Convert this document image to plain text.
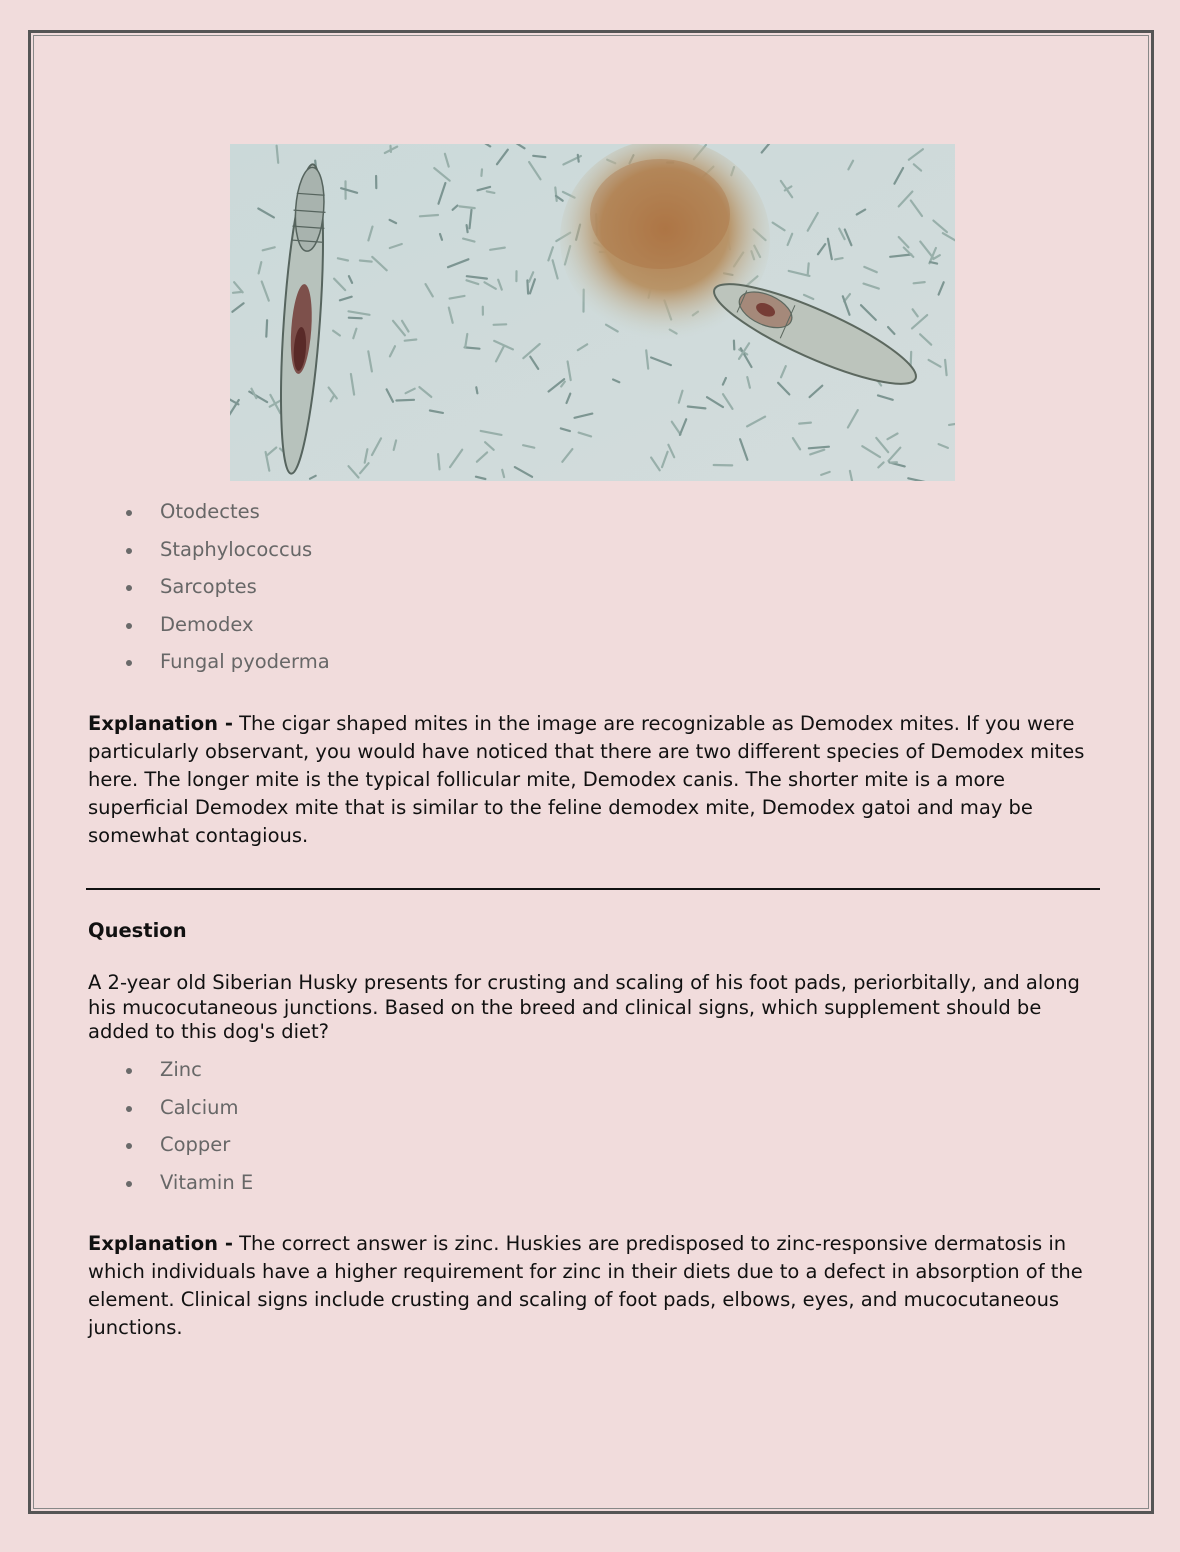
Otodectes
Staphylococcus
Sarcoptes
Demodex
Fungal pyoderma
Explanation - The cigar shaped mites in the image are recognizable as Demodex mites. If you were particularly observant, you would have noticed that there are two different species of Demodex mites here. The longer mite is the typical follicular mite, Demodex canis. The shorter mite is a more superficial Demodex mite that is similar to the feline demodex mite, Demodex gatoi and may be somewhat contagious.
Question
A 2-year old Siberian Husky presents for crusting and scaling of his foot pads, periorbitally, and along his mucocutaneous junctions. Based on the breed and clinical signs, which supplement should be added to this dog's diet?
Zinc
Calcium
Copper
Vitamin E
Explanation - The correct answer is zinc. Huskies are predisposed to zinc-responsive dermatosis in which individuals have a higher requirement for zinc in their diets due to a defect in absorption of the element. Clinical signs include crusting and scaling of foot pads, elbows, eyes, and mucocutaneous junctions.
